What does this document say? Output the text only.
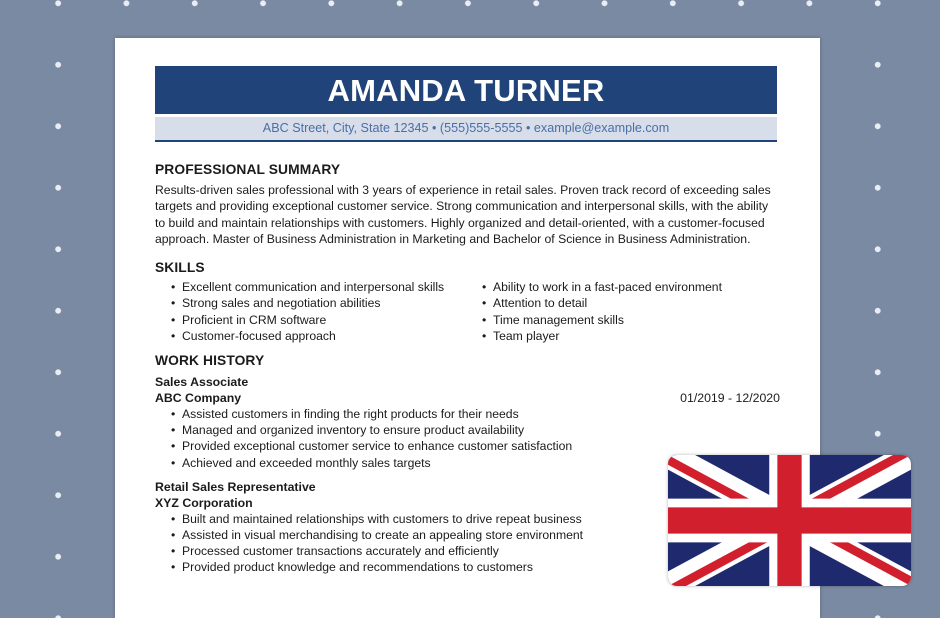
AMANDA TURNER
ABC Street, City, State 12345 • (555)555-5555 • example@example.com
PROFESSIONAL SUMMARY
Results-driven sales professional with 3 years of experience in retail sales. Proven track record of exceeding sales targets and providing exceptional customer service. Strong communication and interpersonal skills, with the ability to build and maintain relationships with customers. Highly organized and detail-oriented, with a customer-focused approach. Master of Business Administration in Marketing and Bachelor of Science in Business Administration.
SKILLS
• Excellent communication and interpersonal skills
• Strong sales and negotiation abilities
• Proficient in CRM software
• Customer-focused approach
• Ability to work in a fast-paced environment
• Attention to detail
• Time management skills
• Team player
WORK HISTORY
Sales Associate
ABC Company	01/2019 - 12/2020
• Assisted customers in finding the right products for their needs
• Managed and organized inventory to ensure product availability
• Provided exceptional customer service to enhance customer satisfaction
• Achieved and exceeded monthly sales targets
Retail Sales Representative
XYZ Corporation
• Built and maintained relationships with customers to drive repeat business
• Assisted in visual merchandising to create an appealing store environment
• Processed customer transactions accurately and efficiently
• Provided product knowledge and recommendations to customers
